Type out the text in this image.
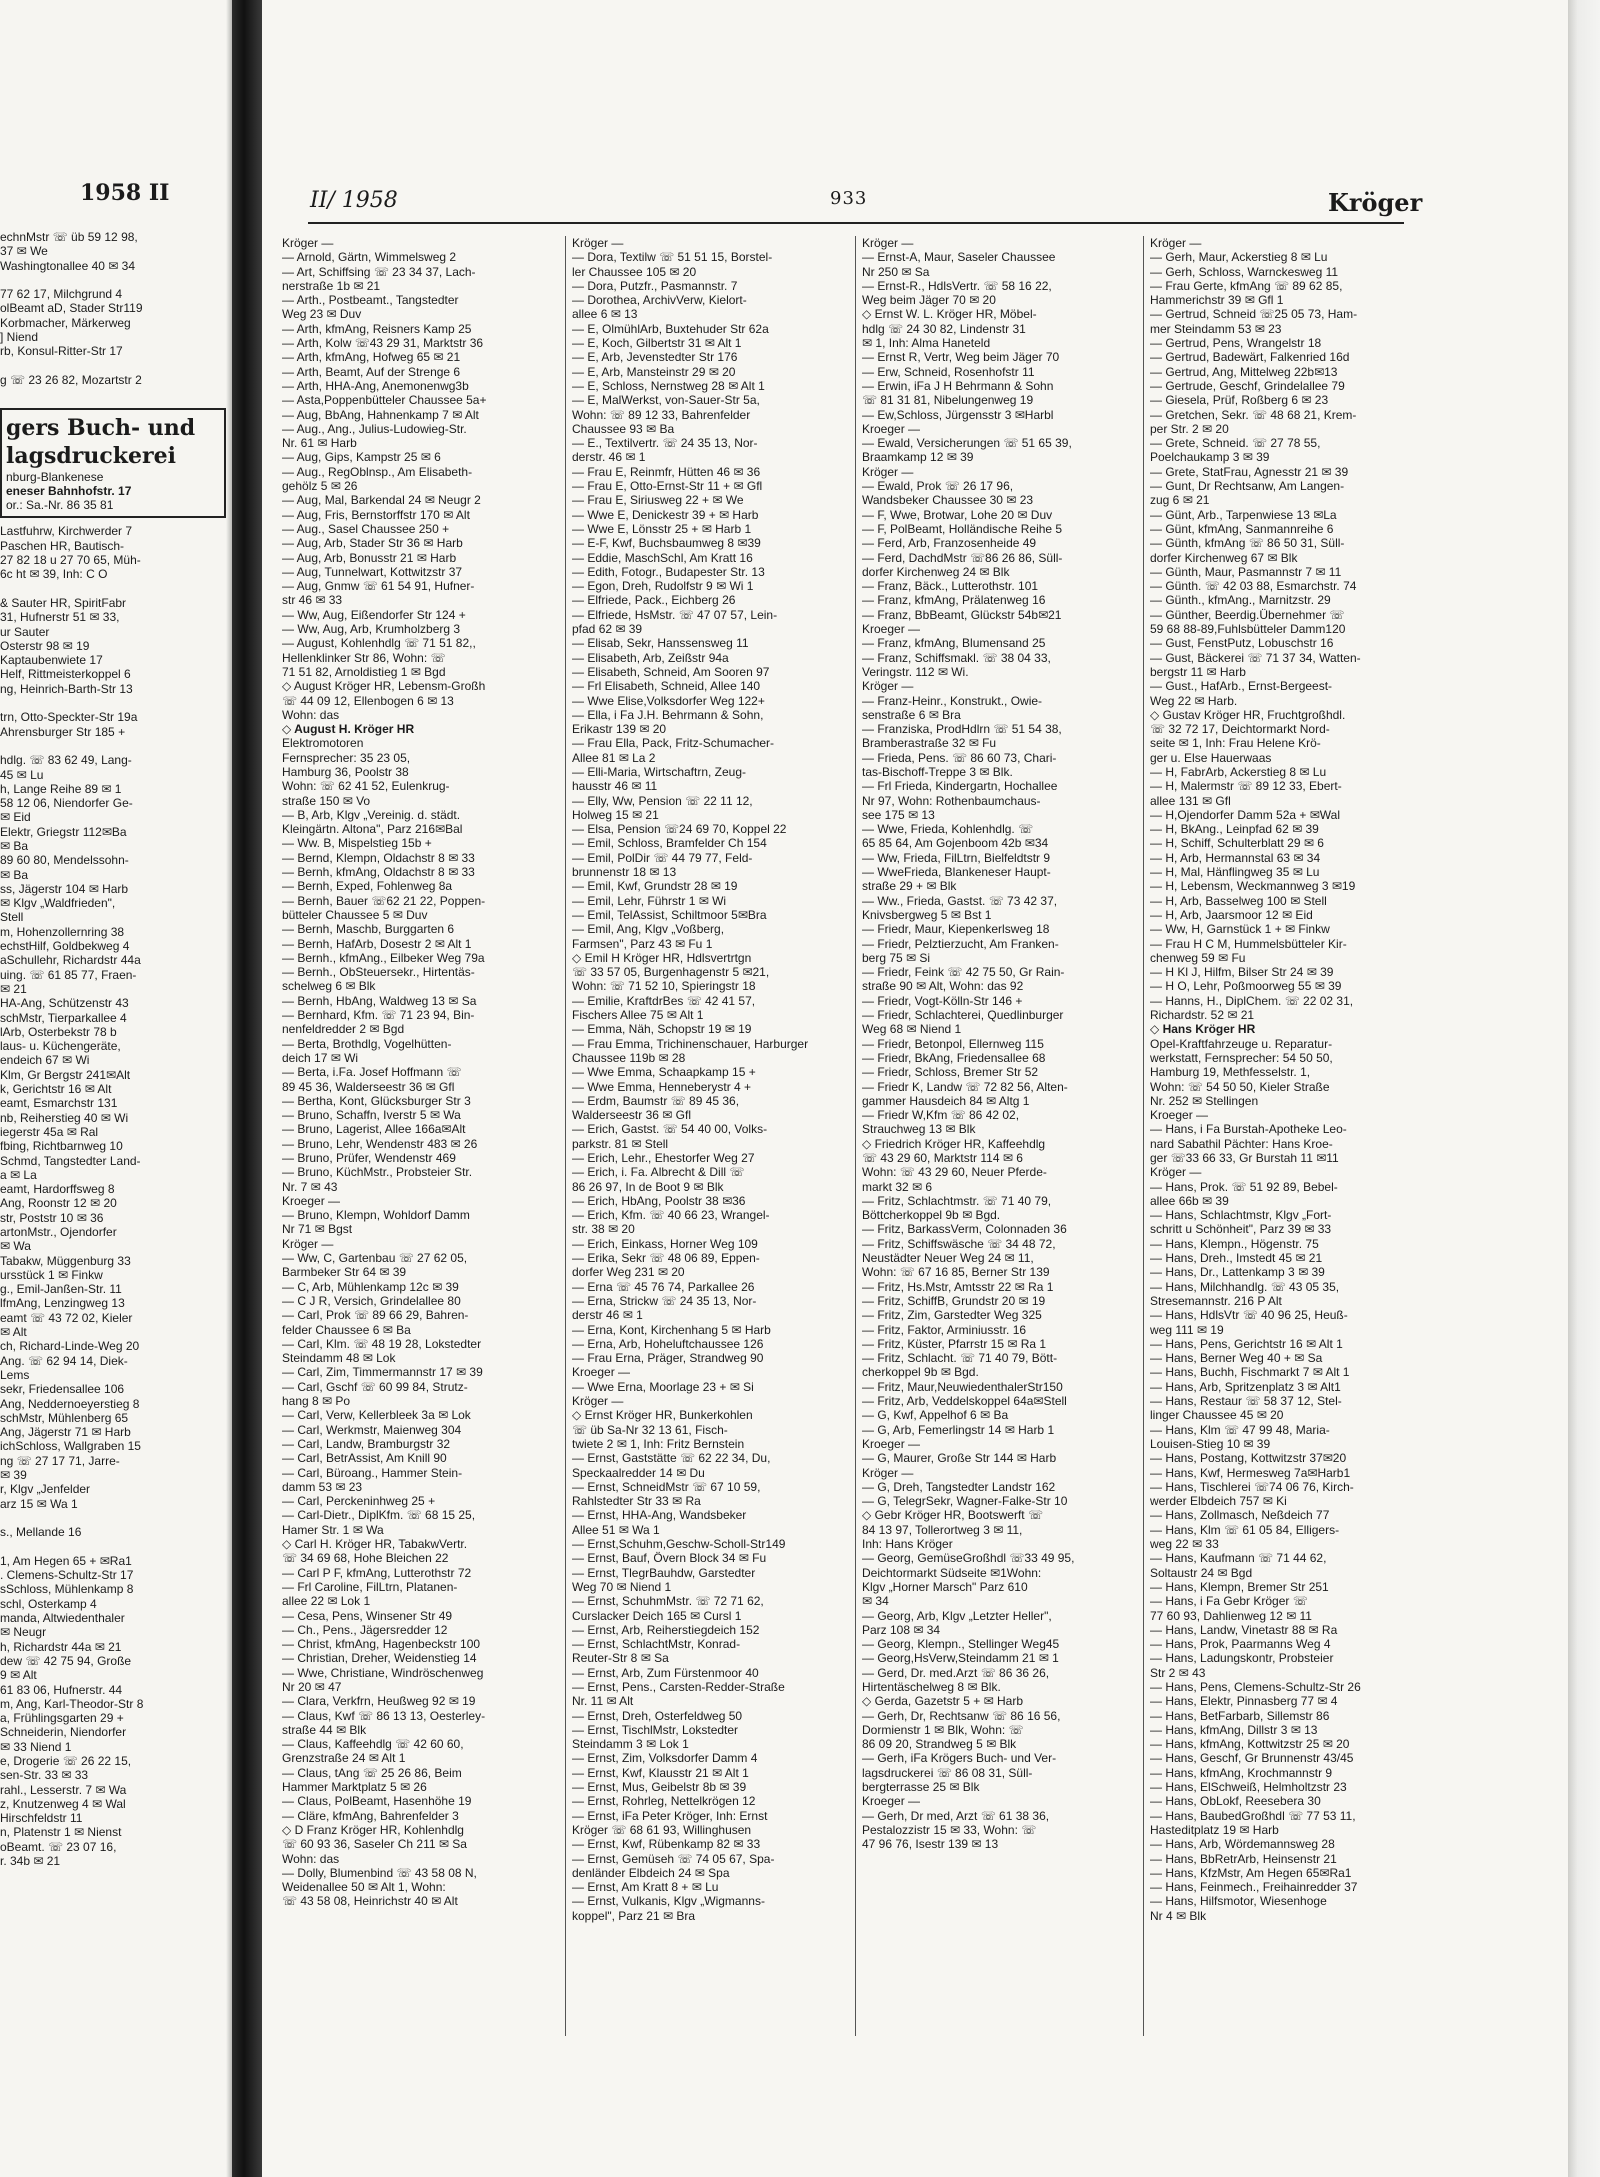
1958 II
echnMstr ☏ üb 59 12 98,
37 ✉ We
Washingtonallee 40 ✉ 34

77 62 17, Milchgrund 4
olBeamt aD, Stader Str119
Korbmacher, Märkerweg
] Niend
rb, Konsul-Ritter-Str 17

g ☏ 23 26 82, Mozartstr 2

gers Buch- und
lagsdruckerei
nburg-Blankenese
eneser Bahnhofstr. 17
or.: Sa.-Nr. 86 35 81
Lastfuhrw, Kirchwerder 7
Paschen HR, Bautisch-
27 82 18 u 27 70 65, Müh-
6c ht ✉ 39, Inh: C O

& Sauter HR, SpiritFabr
31, Hufnerstr 51 ✉ 33,
ur Sauter
Osterstr 98 ✉ 19
Kaptaubenwiete 17
Helf, Rittmeisterkoppel 6
ng, Heinrich-Barth-Str 13

trn, Otto-Speckter-Str 19a
Ahrensburger Str 185 +

hdlg. ☏ 83 62 49, Lang-
45 ✉ Lu
h, Lange Reihe 89 ✉ 1
58 12 06, Niendorfer Ge-
✉ Eid
Elektr, Griegstr 112✉Ba
✉ Ba
89 60 80, Mendelssohn-
✉ Ba
ss, Jägerstr 104 ✉ Harb
✉ Klgv „Waldfrieden",
Stell
m, Hohenzollernring 38
echstHilf, Goldbekweg 4
aSchullehr, Richardstr 44a
uing. ☏ 61 85 77, Fraen-
✉ 21
HA-Ang, Schützenstr 43
schMstr, Tierparkallee 4
lArb, Osterbekstr 78 b
laus- u. Küchengeräte,
endeich 67 ✉ Wi
Klm, Gr Bergstr 241✉Alt
k, Gerichtstr 16 ✉ Alt
eamt, Esmarchstr 131
nb, Reiherstieg 40 ✉ Wi
iegerstr 45a ✉ Ral
fbing, Richtbarnweg 10
Schmd, Tangstedter Land-
a ✉ La
eamt, Hardorffsweg 8
Ang, Roonstr 12 ✉ 20
str, Poststr 10 ✉ 36
artonMstr., Ojendorfer
✉ Wa
Tabakw, Müggenburg 33
ursstück 1 ✉ Finkw
g., Emil-Janßen-Str. 11
lfmAng, Lenzingweg 13
eamt ☏ 43 72 02, Kieler
✉ Alt
ch, Richard-Linde-Weg 20
Ang. ☏ 62 94 14, Diek-
Lems
sekr, Friedensallee 106
Ang, Neddernoeyerstieg 8
schMstr, Mühlenberg 65
Ang, Jägerstr 71 ✉ Harb
ichSchloss, Wallgraben 15
ng ☏ 27 17 71, Jarre-
✉ 39
r, Klgv „Jenfelder
arz 15 ✉ Wa 1

s., Mellande 16

1, Am Hegen 65 + ✉Ra1
. Clemens-Schultz-Str 17
sSchloss, Mühlenkamp 8
schl, Osterkamp 4
manda, Altwiedenthaler
✉ Neugr
h, Richardstr 44a ✉ 21
dew ☏ 42 75 94, Große
9 ✉ Alt
61 83 06, Hufnerstr. 44
m, Ang, Karl-Theodor-Str 8
a, Frühlingsgarten 29 +
Schneiderin, Niendorfer
✉ 33 Niend 1
e, Drogerie ☏ 26 22 15,
sen-Str. 33 ✉ 33
rahl., Lesserstr. 7 ✉ Wa
z, Knutzenweg 4 ✉ Wal
Hirschfeldstr 11
n, Platenstr 1 ✉ Nienst
oBeamt. ☏ 23 07 16,
r. 34b ✉ 21
II/ 1958	933	Kröger
Kröger —
— Arnold, Gärtn, Wimmelsweg 2
— Art, Schiffsing ☏ 23 34 37, Lach-
nerstraße 1b ✉ 21
— Arth., Postbeamt., Tangstedter
Weg 23 ✉ Duv
— Arth, kfmAng, Reisners Kamp 25
— Arth, Kolw ☏43 29 31, Marktstr 36
— Arth, kfmAng, Hofweg 65 ✉ 21
— Arth, Beamt, Auf der Strenge 6
— Arth, HHA-Ang, Anemonenwg3b
— Asta,Poppenbütteler Chaussee 5a+
— Aug, BbAng, Hahnenkamp 7 ✉ Alt
— Aug., Ang., Julius-Ludowieg-Str.
Nr. 61 ✉ Harb
— Aug, Gips, Kampstr 25 ✉ 6
— Aug., RegOblnsp., Am Elisabeth-
gehölz 5 ✉ 26
— Aug, Mal, Barkendal 24 ✉ Neugr 2
— Aug, Fris, Bernstorffstr 170 ✉ Alt
— Aug., Sasel Chaussee 250 +
— Aug, Arb, Stader Str 36 ✉ Harb
— Aug, Arb, Bonusstr 21 ✉ Harb
— Aug, Tunnelwart, Kottwitzstr 37
— Aug, Gnmw ☏ 61 54 91, Hufner-
str 46 ✉ 33
— Ww, Aug, Eißendorfer Str 124 +
— Ww, Aug, Arb, Krumholzberg 3
— August, Kohlenhdlg ☏ 71 51 82,,
Hellenklinker Str 86, Wohn: ☏
71 51 82, Arnoldistieg 1 ✉ Bgd
◇ August Kröger HR, Lebensm-Großh
☏ 44 09 12, Ellenbogen 6 ✉ 13
Wohn: das
◇ August H. Kröger HR
Elektromotoren
Fernsprecher: 35 23 05,
Hamburg 36, Poolstr 38
Wohn: ☏ 62 41 52, Eulenkrug-
straße 150 ✉ Vo
— B, Arb, Klgv „Vereinig. d. städt.
Kleingärtn. Altona", Parz 216✉Bal
— Ww. B, Mispelstieg 15b +
— Bernd, Klempn, Oldachstr 8 ✉ 33
— Bernh, kfmAng, Oldachstr 8 ✉ 33
— Bernh, Exped, Fohlenweg 8a
— Bernh, Bauer ☏62 21 22, Poppen-
bütteler Chaussee 5 ✉ Duv
— Bernh, Maschb, Burggarten 6
— Bernh, HafArb, Dosestr 2 ✉ Alt 1
— Bernh., kfmAng., Eilbeker Weg 79a
— Bernh., ObSteuersekr., Hirtentäs-
schelweg 6 ✉ Blk
— Bernh, HbAng, Waldweg 13 ✉ Sa
— Bernhard, Kfm. ☏ 71 23 94, Bin-
nenfeldredder 2 ✉ Bgd
— Berta, Brothdlg, Vogelhütten-
deich 17 ✉ Wi
— Berta, i.Fa. Josef Hoffmann ☏
89 45 36, Walderseestr 36 ✉ Gfl
— Bertha, Kont, Glücksburger Str 3
— Bruno, Schaffn, Iverstr 5 ✉ Wa
— Bruno, Lagerist, Allee 166a✉Alt
— Bruno, Lehr, Wendenstr 483 ✉ 26
— Bruno, Prüfer, Wendenstr 469
— Bruno, KüchMstr., Probsteier Str.
Nr. 7 ✉ 43
Kroeger —
— Bruno, Klempn, Wohldorf Damm
Nr 71 ✉ Bgst
Kröger —
— Ww, C, Gartenbau ☏ 27 62 05,
Barmbeker Str 64 ✉ 39
— C, Arb, Mühlenkamp 12c ✉ 39
— C J R, Versich, Grindelallee 80
— Carl, Prok ☏ 89 66 29, Bahren-
felder Chaussee 6 ✉ Ba
— Carl, Klm. ☏ 48 19 28, Lokstedter
Steindamm 48 ✉ Lok
— Carl, Zim, Timmermannstr 17 ✉ 39
— Carl, Gschf ☏ 60 99 84, Strutz-
hang 8 ✉ Po
— Carl, Verw, Kellerbleek 3a ✉ Lok
— Carl, Werkmstr, Maienweg 304
— Carl, Landw, Bramburgstr 32
— Carl, BetrAssist, Am Knill 90
— Carl, Büroang., Hammer Stein-
damm 53 ✉ 23
— Carl, Perckeninhweg 25 +
— Carl-Dietr., DiplKfm. ☏ 68 15 25,
Hamer Str. 1 ✉ Wa
◇ Carl H. Kröger HR, TabakwVertr.
☏ 34 69 68, Hohe Bleichen 22
— Carl P F, kfmAng, Lutterothstr 72
— Frl Caroline, FilLtrn, Platanen-
allee 22 ✉ Lok 1
— Cesa, Pens, Winsener Str 49
— Ch., Pens., Jägersredder 12
— Christ, kfmAng, Hagenbeckstr 100
— Christian, Dreher, Weidenstieg 14
— Wwe, Christiane, Windröschenweg
Nr 20 ✉ 47
— Clara, Verkfrn, Heußweg 92 ✉ 19
— Claus, Kwf ☏ 86 13 13, Oesterley-
straße 44 ✉ Blk
— Claus, Kaffeehdlg ☏ 42 60 60,
Grenzstraße 24 ✉ Alt 1
— Claus, tAng ☏ 25 26 86, Beim
Hammer Marktplatz 5 ✉ 26
— Claus, PolBeamt, Hasenhöhe 19
— Cläre, kfmAng, Bahrenfelder 3
◇ D Franz Kröger HR, Kohlenhdlg
☏ 60 93 36, Saseler Ch 211 ✉ Sa
Wohn: das
— Dolly, Blumenbind ☏ 43 58 08 N,
Weidenallee 50 ✉ Alt 1, Wohn:
☏ 43 58 08, Heinrichstr 40 ✉ Alt
Kröger —
— Dora, Textilw ☏ 51 51 15, Borstel-
ler Chaussee 105 ✉ 20
— Dora, Putzfr., Pasmannstr. 7
— Dorothea, ArchivVerw, Kielort-
allee 6 ✉ 13
— E, OlmühlArb, Buxtehuder Str 62a
— E, Koch, Gilbertstr 31 ✉ Alt 1
— E, Arb, Jevenstedter Str 176
— E, Arb, Mansteinstr 29 ✉ 20
— E, Schloss, Nernstweg 28 ✉ Alt 1
— E, MalWerkst, von-Sauer-Str 5a,
Wohn: ☏ 89 12 33, Bahrenfelder
Chaussee 93 ✉ Ba
— E., Textilvertr. ☏ 24 35 13, Nor-
derstr. 46 ✉ 1
— Frau E, Reinmfr, Hütten 46 ✉ 36
— Frau E, Otto-Ernst-Str 11 + ✉ Gfl
— Frau E, Siriusweg 22 + ✉ We
— Wwe E, Denickestr 39 + ✉ Harb
— Wwe E, Lönsstr 25 + ✉ Harb 1
— E-F, Kwf, Buchsbaumweg 8 ✉39
— Eddie, MaschSchl, Am Kratt 16
— Edith, Fotogr., Budapester Str. 13
— Egon, Dreh, Rudolfstr 9 ✉ Wi 1
— Elfriede, Pack., Eichberg 26
— Elfriede, HsMstr. ☏ 47 07 57, Lein-
pfad 62 ✉ 39
— Elisab, Sekr, Hanssensweg 11
— Elisabeth, Arb, Zeißstr 94a
— Elisabeth, Schneid, Am Sooren 97
— Frl Elisabeth, Schneid, Allee 140
— Wwe Elise,Volksdorfer Weg 122+
— Ella, i Fa J.H. Behrmann & Sohn,
Erikastr 139 ✉ 20
— Frau Ella, Pack, Fritz-Schumacher-
Allee 81 ✉ La 2
— Elli-Maria, Wirtschaftrn, Zeug-
hausstr 46 ✉ 11
— Elly, Ww, Pension ☏ 22 11 12,
Holweg 15 ✉ 21
— Elsa, Pension ☏24 69 70, Koppel 22
— Emil, Schloss, Bramfelder Ch 154
— Emil, PolDir ☏ 44 79 77, Feld-
brunnenstr 18 ✉ 13
— Emil, Kwf, Grundstr 28 ✉ 19
— Emil, Lehr, Führstr 1 ✉ Wi
— Emil, TelAssist, Schiltmoor 5✉Bra
— Emil, Ang, Klgv „Voßberg,
Farmsen", Parz 43 ✉ Fu 1
◇ Emil H Kröger HR, Hdlsvertrtgn
☏ 33 57 05, Burgenhagenstr 5 ✉21,
Wohn: ☏ 71 52 10, Spieringstr 18
— Emilie, KraftdrBes ☏ 42 41 57,
Fischers Allee 75 ✉ Alt 1
— Emma, Näh, Schopstr 19 ✉ 19
— Frau Emma, Trichinenschauer, Harburger
Chaussee 119b ✉ 28
— Wwe Emma, Schaapkamp 15 +
— Wwe Emma, Henneberystr 4 +
— Erdm, Baumstr ☏ 89 45 36,
Walderseestr 36 ✉ Gfl
— Erich, Gastst. ☏ 54 40 00, Volks-
parkstr. 81 ✉ Stell
— Erich, Lehr., Ehestorfer Weg 27
— Erich, i. Fa. Albrecht & Dill ☏
86 26 97, In de Boot 9 ✉ Blk
— Erich, HbAng, Poolstr 38 ✉36
— Erich, Kfm. ☏ 40 66 23, Wrangel-
str. 38 ✉ 20
— Erich, Einkass, Horner Weg 109
— Erika, Sekr ☏ 48 06 89, Eppen-
dorfer Weg 231 ✉ 20
— Erna ☏ 45 76 74, Parkallee 26
— Erna, Strickw ☏ 24 35 13, Nor-
derstr 46 ✉ 1
— Erna, Kont, Kirchenhang 5 ✉ Harb
— Erna, Arb, Hoheluftchaussee 126
— Frau Erna, Präger, Strandweg 90
Kroeger —
— Wwe Erna, Moorlage 23 + ✉ Si
Kröger —
◇ Ernst Kröger HR, Bunkerkohlen
☏ üb Sa-Nr 32 13 61, Fisch-
twiete 2 ✉ 1, Inh: Fritz Bernstein
— Ernst, Gaststätte ☏ 62 22 34, Du,
Speckaalredder 14 ✉ Du
— Ernst, SchneidMstr ☏ 67 10 59,
Rahlstedter Str 33 ✉ Ra
— Ernst, HHA-Ang, Wandsbeker
Allee 51 ✉ Wa 1
— Ernst,Schuhm,Geschw-Scholl-Str149
— Ernst, Bauf, Övern Block 34 ✉ Fu
— Ernst, TlegrBauhdw, Garstedter
Weg 70 ✉ Niend 1
— Ernst, SchuhmMstr. ☏ 72 71 62,
Curslacker Deich 165 ✉ Cursl 1
— Ernst, Arb, Reiherstiegdeich 152
— Ernst, SchlachtMstr, Konrad-
Reuter-Str 8 ✉ Sa
— Ernst, Arb, Zum Fürstenmoor 40
— Ernst, Pens., Carsten-Redder-Straße
Nr. 11 ✉ Alt
— Ernst, Dreh, Osterfeldweg 50
— Ernst, TischlMstr, Lokstedter
Steindamm 3 ✉ Lok 1
— Ernst, Zim, Volksdorfer Damm 4
— Ernst, Kwf, Klausstr 21 ✉ Alt 1
— Ernst, Mus, Geibelstr 8b ✉ 39
— Ernst, Rohrleg, Nettelkrögen 12
— Ernst, iFa Peter Kröger, Inh: Ernst
Kröger ☏ 68 61 93, Willinghusen
— Ernst, Kwf, Rübenkamp 82 ✉ 33
— Ernst, Gemüseh ☏ 74 05 67, Spa-
denländer Elbdeich 24 ✉ Spa
— Ernst, Am Kratt 8 + ✉ Lu
— Ernst, Vulkanis, Klgv „Wigmanns-
koppel", Parz 21 ✉ Bra
Kröger —
— Ernst-A, Maur, Saseler Chaussee
Nr 250 ✉ Sa
— Ernst-R., HdlsVertr. ☏ 58 16 22,
Weg beim Jäger 70 ✉ 20
◇ Ernst W. L. Kröger HR, Möbel-
hdlg ☏ 24 30 82, Lindenstr 31
✉ 1, Inh: Alma Haneteld
— Ernst R, Vertr, Weg beim Jäger 70
— Erw, Schneid, Rosenhofstr 11
— Erwin, iFa J H Behrmann & Sohn
☏ 81 31 81, Nibelungenweg 19
— Ew,Schloss, Jürgensstr 3 ✉Harbl
Kroeger —
— Ewald, Versicherungen ☏ 51 65 39,
Braamkamp 12 ✉ 39
Kröger —
— Ewald, Prok ☏ 26 17 96,
Wandsbeker Chaussee 30 ✉ 23
— F, Wwe, Brotwar, Lohe 20 ✉ Duv
— F, PolBeamt, Holländische Reihe 5
— Ferd, Arb, Franzosenheide 49
— Ferd, DachdMstr ☏86 26 86, Süll-
dorfer Kirchenweg 24 ✉ Blk
— Franz, Bäck., Lutterothstr. 101
— Franz, kfmAng, Prälatenweg 16
— Franz, BbBeamt, Glückstr 54b✉21
Kroeger —
— Franz, kfmAng, Blumensand 25
— Franz, Schiffsmakl. ☏ 38 04 33,
Veringstr. 112 ✉ Wi.
Kröger —
— Franz-Heinr., Konstrukt., Owie-
senstraße 6 ✉ Bra
— Franziska, ProdHdlrn ☏ 51 54 38,
Bramberastraße 32 ✉ Fu
— Frieda, Pens. ☏ 86 60 73, Chari-
tas-Bischoff-Treppe 3 ✉ Blk.
— Frl Frieda, Kindergartn, Hochallee
Nr 97, Wohn: Rothenbaumchaus-
see 175 ✉ 13
— Wwe, Frieda, Kohlenhdlg. ☏
65 85 64, Am Gojenboom 42b ✉34
— Ww, Frieda, FilLtrn, Bielfeldtstr 9
— WweFrieda, Blankeneser Haupt-
straße 29 + ✉ Blk
— Ww., Frieda, Gastst. ☏ 73 42 37,
Knivsbergweg 5 ✉ Bst 1
— Friedr, Maur, Kiepenkerlsweg 18
— Friedr, Pelztierzucht, Am Franken-
berg 75 ✉ Si
— Friedr, Feink ☏ 42 75 50, Gr Rain-
straße 90 ✉ Alt, Wohn: das 92
— Friedr, Vogt-Kölln-Str 146 +
— Friedr, Schlachterei, Quedlinburger
Weg 68 ✉ Niend 1
— Friedr, Betonpol, Ellernweg 115
— Friedr, BkAng, Friedensallee 68
— Friedr, Schloss, Bremer Str 52
— Friedr K, Landw ☏ 72 82 56, Alten-
gammer Hausdeich 84 ✉ Altg 1
— Friedr W,Kfm ☏ 86 42 02,
Strauchweg 13 ✉ Blk
◇ Friedrich Kröger HR, Kaffeehdlg
☏ 43 29 60, Marktstr 114 ✉ 6
Wohn: ☏ 43 29 60, Neuer Pferde-
markt 32 ✉ 6
— Fritz, Schlachtmstr. ☏ 71 40 79,
Böttcherkoppel 9b ✉ Bgd.
— Fritz, BarkassVerm, Colonnaden 36
— Fritz, Schiffswäsche ☏ 34 48 72,
Neustädter Neuer Weg 24 ✉ 11,
Wohn: ☏ 67 16 85, Berner Str 139
— Fritz, Hs.Mstr, Amtsstr 22 ✉ Ra 1
— Fritz, SchiffB, Grundstr 20 ✉ 19
— Fritz, Zim, Garstedter Weg 325
— Fritz, Faktor, Arminiusstr. 16
— Fritz, Küster, Pfarrstr 15 ✉ Ra 1
— Fritz, Schlacht. ☏ 71 40 79, Bött-
cherkoppel 9b ✉ Bgd.
— Fritz, Maur,NeuwiedenthalerStr150
— Fritz, Arb, Veddelskoppel 64a✉Stell
— G, Kwf, Appelhof 6 ✉ Ba
— G, Arb, Femerlingstr 14 ✉ Harb 1
Kroeger —
— G, Maurer, Große Str 144 ✉ Harb
Kröger —
— G, Dreh, Tangstedter Landstr 162
— G, TelegrSekr, Wagner-Falke-Str 10
◇ Gebr Kröger HR, Bootswerft ☏
84 13 97, Tollerortweg 3 ✉ 11,
Inh: Hans Kröger
— Georg, GemüseGroßhdl ☏33 49 95,
Deichtormarkt Südseite ✉1Wohn:
Klgv „Horner Marsch" Parz 610
✉ 34
— Georg, Arb, Klgv „Letzter Heller",
Parz 108 ✉ 34
— Georg, Klempn., Stellinger Weg45
— Georg,HsVerw,Steindamm 21 ✉ 1
— Gerd, Dr. med.Arzt ☏ 86 36 26,
Hirtentäschelweg 8 ✉ Blk.
◇ Gerda, Gazetstr 5 + ✉ Harb
— Gerh, Dr, Rechtsanw ☏ 86 16 56,
Dormienstr 1 ✉ Blk, Wohn: ☏
86 09 20, Strandweg 5 ✉ Blk
— Gerh, iFa Krögers Buch- und Ver-
lagsdruckerei ☏ 86 08 31, Süll-
bergterrasse 25 ✉ Blk
Kroeger —
— Gerh, Dr med, Arzt ☏ 61 38 36,
Pestalozzistr 15 ✉ 33, Wohn: ☏
47 96 76, Isestr 139 ✉ 13
Kröger —
— Gerh, Maur, Ackerstieg 8 ✉ Lu
— Gerh, Schloss, Warnckesweg 11
— Frau Gerte, kfmAng ☏ 89 62 85,
Hammerichstr 39 ✉ Gfl 1
— Gertrud, Schneid ☏25 05 73, Ham-
mer Steindamm 53 ✉ 23
— Gertrud, Pens, Wrangelstr 18
— Gertrud, Badewärt, Falkenried 16d
— Gertrud, Ang, Mittelweg 22b✉13
— Gertrude, Geschf, Grindelallee 79
— Giesela, Prüf, Roßberg 6 ✉ 23
— Gretchen, Sekr. ☏ 48 68 21, Krem-
per Str. 2 ✉ 20
— Grete, Schneid. ☏ 27 78 55,
Poelchaukamp 3 ✉ 39
— Grete, StatFrau, Agnesstr 21 ✉ 39
— Gunt, Dr Rechtsanw, Am Langen-
zug 6 ✉ 21
— Günt, Arb., Tarpenwiese 13 ✉La
— Günt, kfmAng, Sanmannreihe 6
— Günth, kfmAng ☏ 86 50 31, Süll-
dorfer Kirchenweg 67 ✉ Blk
— Günth, Maur, Pasmannstr 7 ✉ 11
— Günth. ☏ 42 03 88, Esmarchstr. 74
— Günth., kfmAng., Marnitzstr. 29
— Günther, Beerdig.Übernehmer ☏
59 68 88-89,Fuhlsbütteler Damm120
— Gust, FenstPutz, Lobuschstr 16
— Gust, Bäckerei ☏ 71 37 34, Watten-
bergstr 11 ✉ Harb
— Gust., HafArb., Ernst-Bergeest-
Weg 22 ✉ Harb.
◇ Gustav Kröger HR, Fruchtgroßhdl.
☏ 32 72 17, Deichtormarkt Nord-
seite ✉ 1, Inh: Frau Helene Krö-
ger u. Else Hauerwaas
— H, FabrArb, Ackerstieg 8 ✉ Lu
— H, Malermstr ☏ 89 12 33, Ebert-
allee 131 ✉ Gfl
— H,Ojendorfer Damm 52a + ✉Wal
— H, BkAng., Leinpfad 62 ✉ 39
— H, Schiff, Schulterblatt 29 ✉ 6
— H, Arb, Hermannstal 63 ✉ 34
— H, Mal, Hänflingweg 35 ✉ Lu
— H, Lebensm, Weckmannweg 3 ✉19
— H, Arb, Basselweg 100 ✉ Stell
— H, Arb, Jaarsmoor 12 ✉ Eid
— Ww, H, Garnstück 1 + ✉ Finkw
— Frau H C M, Hummelsbütteler Kir-
chenweg 59 ✉ Fu
— H Kl J, Hilfm, Bilser Str 24 ✉ 39
— H O, Lehr, Poßmoorweg 55 ✉ 39
— Hanns, H., DiplChem. ☏ 22 02 31,
Richardstr. 52 ✉ 21
◇ Hans Kröger HR
Opel-Kraftfahrzeuge u. Reparatur-
werkstatt, Fernsprecher: 54 50 50,
Hamburg 19, Methfesselstr. 1,
Wohn: ☏ 54 50 50, Kieler Straße
Nr. 252 ✉ Stellingen
Kroeger —
— Hans, i Fa Burstah-Apotheke Leo-
nard Sabathil Pächter: Hans Kroe-
ger ☏33 66 33, Gr Burstah 11 ✉11
Kröger —
— Hans, Prok. ☏ 51 92 89, Bebel-
allee 66b ✉ 39
— Hans, Schlachtmstr, Klgv „Fort-
schritt u Schönheit", Parz 39 ✉ 33
— Hans, Klempn., Högenstr. 75
— Hans, Dreh., Imstedt 45 ✉ 21
— Hans, Dr., Lattenkamp 3 ✉ 39
— Hans, Milchhandlg. ☏ 43 05 35,
Stresemannstr. 216 P Alt
— Hans, HdlsVtr ☏ 40 96 25, Heuß-
weg 111 ✉ 19
— Hans, Pens, Gerichtstr 16 ✉ Alt 1
— Hans, Berner Weg 40 + ✉ Sa
— Hans, Buchh, Fischmarkt 7 ✉ Alt 1
— Hans, Arb, Spritzenplatz 3 ✉ Alt1
— Hans, Restaur ☏ 58 37 12, Stel-
linger Chaussee 45 ✉ 20
— Hans, Klm ☏ 47 99 48, Maria-
Louisen-Stieg 10 ✉ 39
— Hans, Postang, Kottwitzstr 37✉20
— Hans, Kwf, Hermesweg 7a✉Harb1
— Hans, Tischlerei ☏74 06 76, Kirch-
werder Elbdeich 757 ✉ Ki
— Hans, Zollmasch, Neßdeich 77
— Hans, Klm ☏ 61 05 84, Elligers-
weg 22 ✉ 33
— Hans, Kaufmann ☏ 71 44 62,
Soltaustr 24 ✉ Bgd
— Hans, Klempn, Bremer Str 251
— Hans, i Fa Gebr Kröger ☏
77 60 93, Dahlienweg 12 ✉ 11
— Hans, Landw, Vinetastr 88 ✉ Ra
— Hans, Prok, Paarmanns Weg 4
— Hans, Ladungskontr, Probsteier
Str 2 ✉ 43
— Hans, Pens, Clemens-Schultz-Str 26
— Hans, Elektr, Pinnasberg 77 ✉ 4
— Hans, BetFarbarb, Sillemstr 86
— Hans, kfmAng, Dillstr 3 ✉ 13
— Hans, kfmAng, Kottwitzstr 25 ✉ 20
— Hans, Geschf, Gr Brunnenstr 43/45
— Hans, kfmAng, Krochmannstr 9
— Hans, ElSchweiß, Helmholtzstr 23
— Hans, ObLokf, Reesebera 30
— Hans, BaubedGroßhdl ☏ 77 53 11,
Hasteditplatz 19 ✉ Harb
— Hans, Arb, Wördemannsweg 28
— Hans, BbRetrArb, Heinsenstr 21
— Hans, KfzMstr, Am Hegen 65✉Ra1
— Hans, Feinmech., Freihainredder 37
— Hans, Hilfsmotor, Wiesenhoge
Nr 4 ✉ Blk
